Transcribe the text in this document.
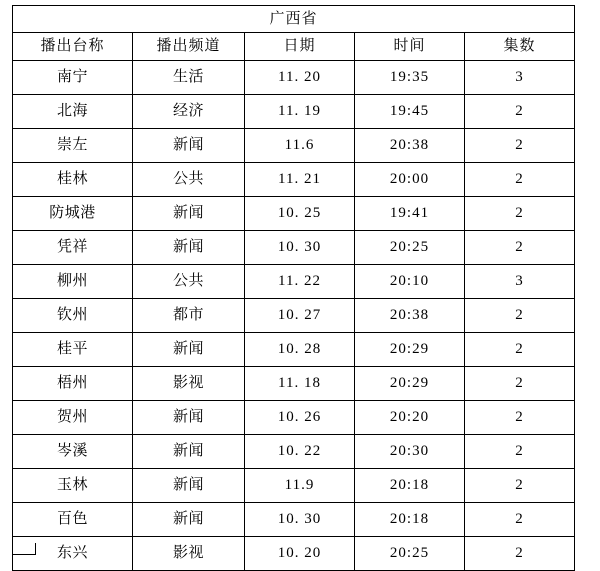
广西省				
播出台称	播出频道	日期	时间	集数
南宁	生活	11. 20	19:35	3
北海	经济	11. 19	19:45	2
崇左	新闻	11.6	20:38	2
桂林	公共	11. 21	20:00	2
防城港	新闻	10. 25	19:41	2
凭祥	新闻	10. 30	20:25	2
柳州	公共	11. 22	20:10	3
钦州	都市	10. 27	20:38	2
桂平	新闻	10. 28	20:29	2
梧州	影视	11. 18	20:29	2
贺州	新闻	10. 26	20:20	2
岑溪	新闻	10. 22	20:30	2
玉林	新闻	11.9	20:18	2
百色	新闻	10. 30	20:18	2
东兴	影视	10. 20	20:25	2
